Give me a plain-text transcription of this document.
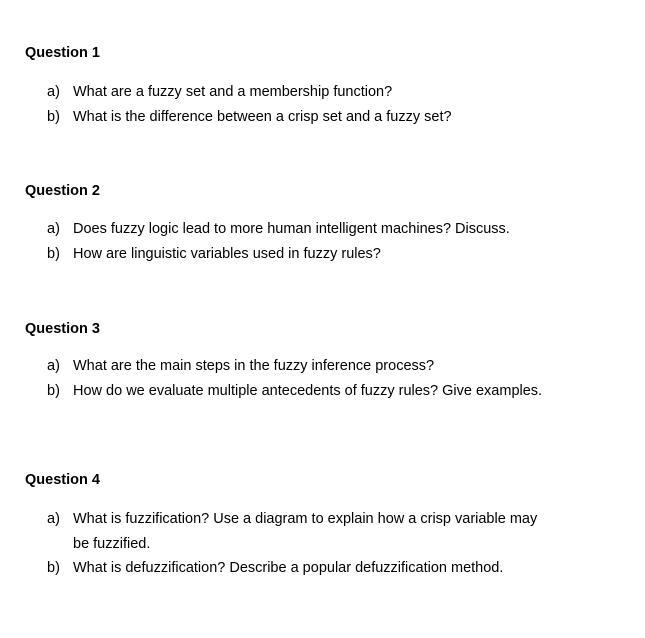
Question 1
a) What are a fuzzy set and a membership function?
b) What is the difference between a crisp set and a fuzzy set?
Question 2
a) Does fuzzy logic lead to more human intelligent machines? Discuss.
b) How are linguistic variables used in fuzzy rules?
Question 3
a) What are the main steps in the fuzzy inference process?
b) How do we evaluate multiple antecedents of fuzzy rules? Give examples.
Question 4
a) What is fuzzification? Use a diagram to explain how a crisp variable may
be fuzzified.
b) What is defuzzification? Describe a popular defuzzification method.
